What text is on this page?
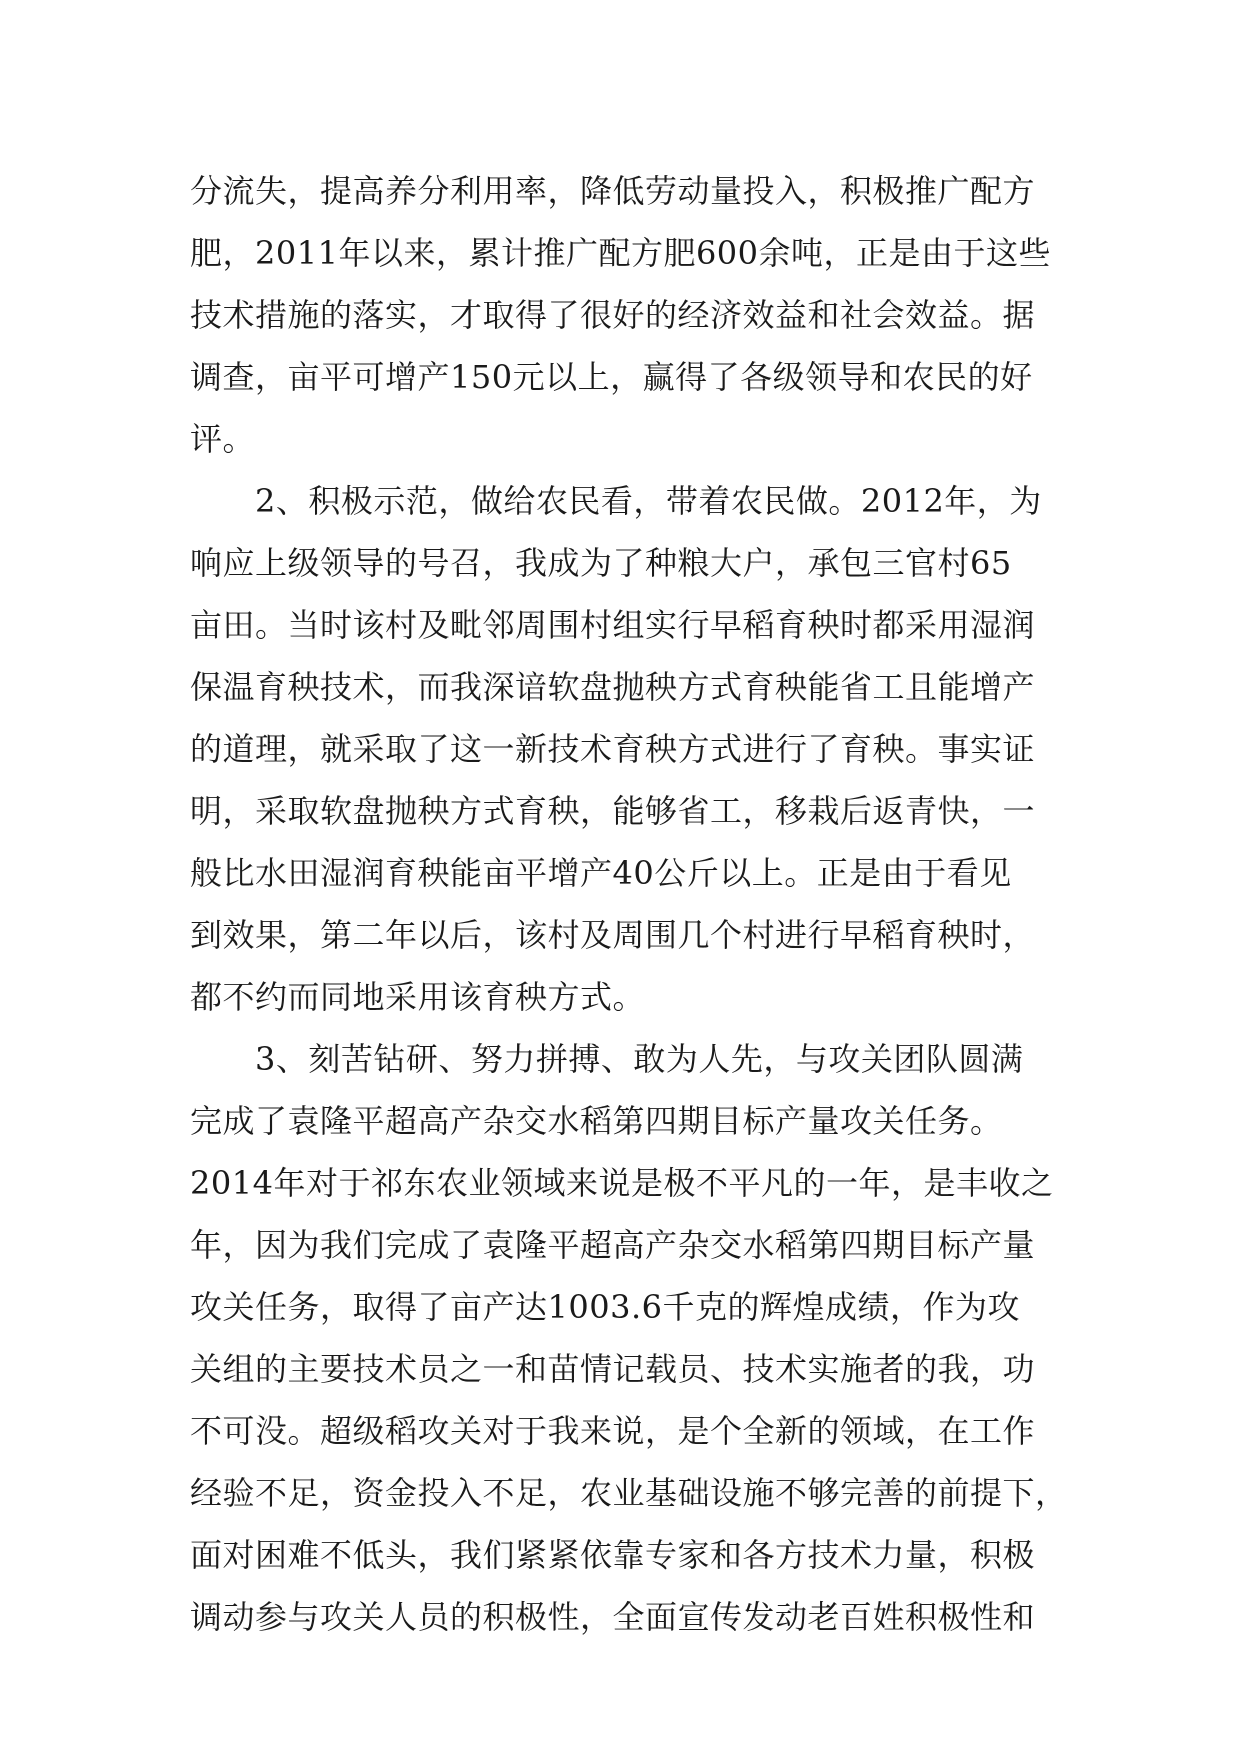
分流失，提高养分利用率，降低劳动量投入，积极推广配方
肥，2011年以来，累计推广配方肥600余吨，正是由于这些
技术措施的落实，才取得了很好的经济效益和社会效益。据
调查，亩平可增产150元以上，赢得了各级领导和农民的好
评。
　　2、积极示范，做给农民看，带着农民做。2012年，为
响应上级领导的号召，我成为了种粮大户，承包三官村65
亩田。当时该村及毗邻周围村组实行早稻育秧时都采用湿润
保温育秧技术，而我深谙软盘抛秧方式育秧能省工且能增产
的道理，就采取了这一新技术育秧方式进行了育秧。事实证
明，采取软盘抛秧方式育秧，能够省工，移栽后返青快，一
般比水田湿润育秧能亩平增产40公斤以上。正是由于看见
到效果，第二年以后，该村及周围几个村进行早稻育秧时，
都不约而同地采用该育秧方式。
　　3、刻苦钻研、努力拼搏、敢为人先，与攻关团队圆满
完成了袁隆平超高产杂交水稻第四期目标产量攻关任务。
2014年对于祁东农业领域来说是极不平凡的一年，是丰收之
年，因为我们完成了袁隆平超高产杂交水稻第四期目标产量
攻关任务，取得了亩产达1003.6千克的辉煌成绩，作为攻
关组的主要技术员之一和苗情记载员、技术实施者的我，功
不可没。超级稻攻关对于我来说，是个全新的领域，在工作
经验不足，资金投入不足，农业基础设施不够完善的前提下，
面对困难不低头，我们紧紧依靠专家和各方技术力量，积极
调动参与攻关人员的积极性，全面宣传发动老百姓积极性和
